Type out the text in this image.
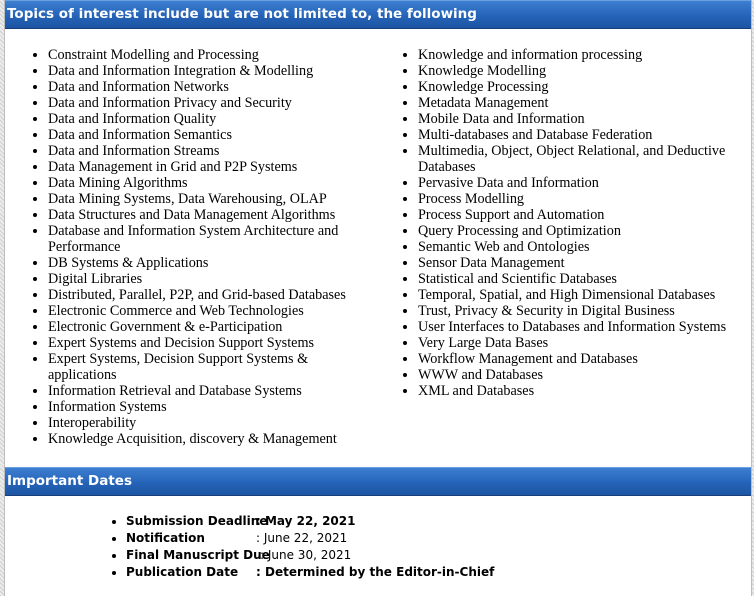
Topics of interest include but are not limited to, the following
• Constraint Modelling and Processing
• Data and Information Integration & Modelling
• Data and Information Networks
• Data and Information Privacy and Security
• Data and Information Quality
• Data and Information Semantics
• Data and Information Streams
• Data Management in Grid and P2P Systems
• Data Mining Algorithms
• Data Mining Systems, Data Warehousing, OLAP
• Data Structures and Data Management Algorithms
• Database and Information System Architecture and Performance
• DB Systems & Applications
• Digital Libraries
• Distributed, Parallel, P2P, and Grid-based Databases
• Electronic Commerce and Web Technologies
• Electronic Government & e-Participation
• Expert Systems and Decision Support Systems
• Expert Systems, Decision Support Systems & applications
• Information Retrieval and Database Systems
• Information Systems
• Interoperability
• Knowledge Acquisition, discovery & Management
• Knowledge and information processing
• Knowledge Modelling
• Knowledge Processing
• Metadata Management
• Mobile Data and Information
• Multi-databases and Database Federation
• Multimedia, Object, Object Relational, and Deductive Databases
• Pervasive Data and Information
• Process Modelling
• Process Support and Automation
• Query Processing and Optimization
• Semantic Web and Ontologies
• Sensor Data Management
• Statistical and Scientific Databases
• Temporal, Spatial, and High Dimensional Databases
• Trust, Privacy & Security in Digital Business
• User Interfaces to Databases and Information Systems
• Very Large Data Bases
• Workflow Management and Databases
• WWW and Databases
• XML and Databases
Important Dates
• Submission Deadline: May 22, 2021
• Notification	: June 22, 2021
• Final Manuscript Due: June 30, 2021
• Publication Date : Determined by the Editor-in-Chief
